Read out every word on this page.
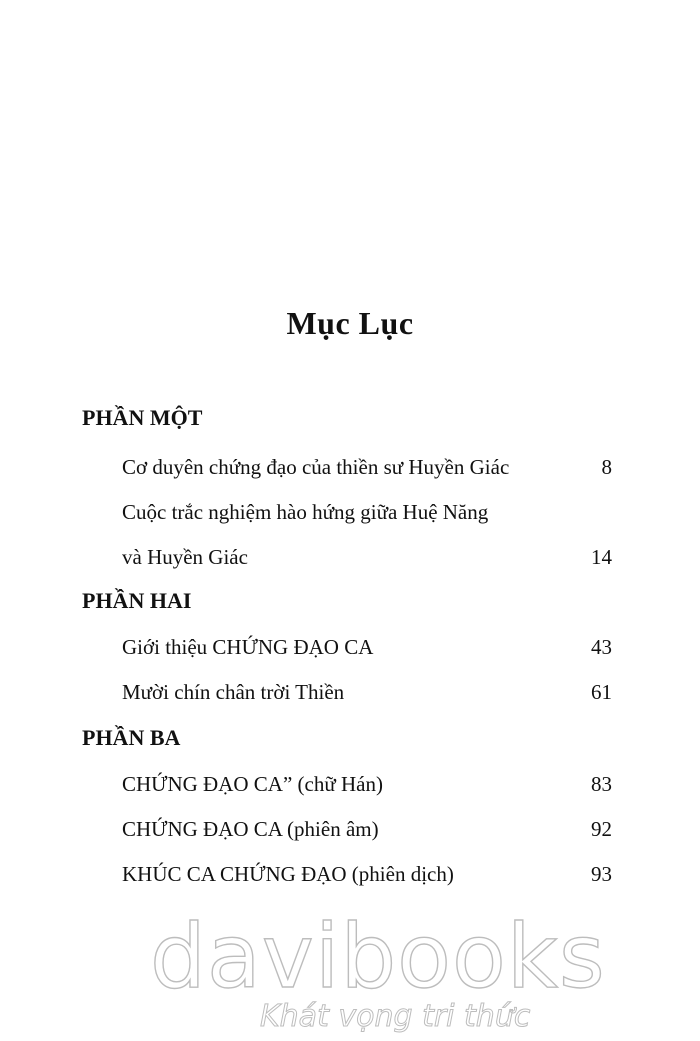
Mục Lục
PHẦN MỘT
Cơ duyên chứng đạo của thiền sư Huyền Giác	8
Cuộc trắc nghiệm hào hứng giữa Huệ Năng
và Huyền Giác	14
PHẦN HAI
Giới thiệu CHỨNG ĐẠO CA	43
Mười chín chân trời Thiền	61
PHẦN BA
CHỨNG ĐẠO CA” (chữ Hán)	83
CHỨNG ĐẠO CA (phiên âm)	92
KHÚC CA CHỨNG ĐẠO (phiên dịch)	93
davibooks
Khát vọng tri thức
